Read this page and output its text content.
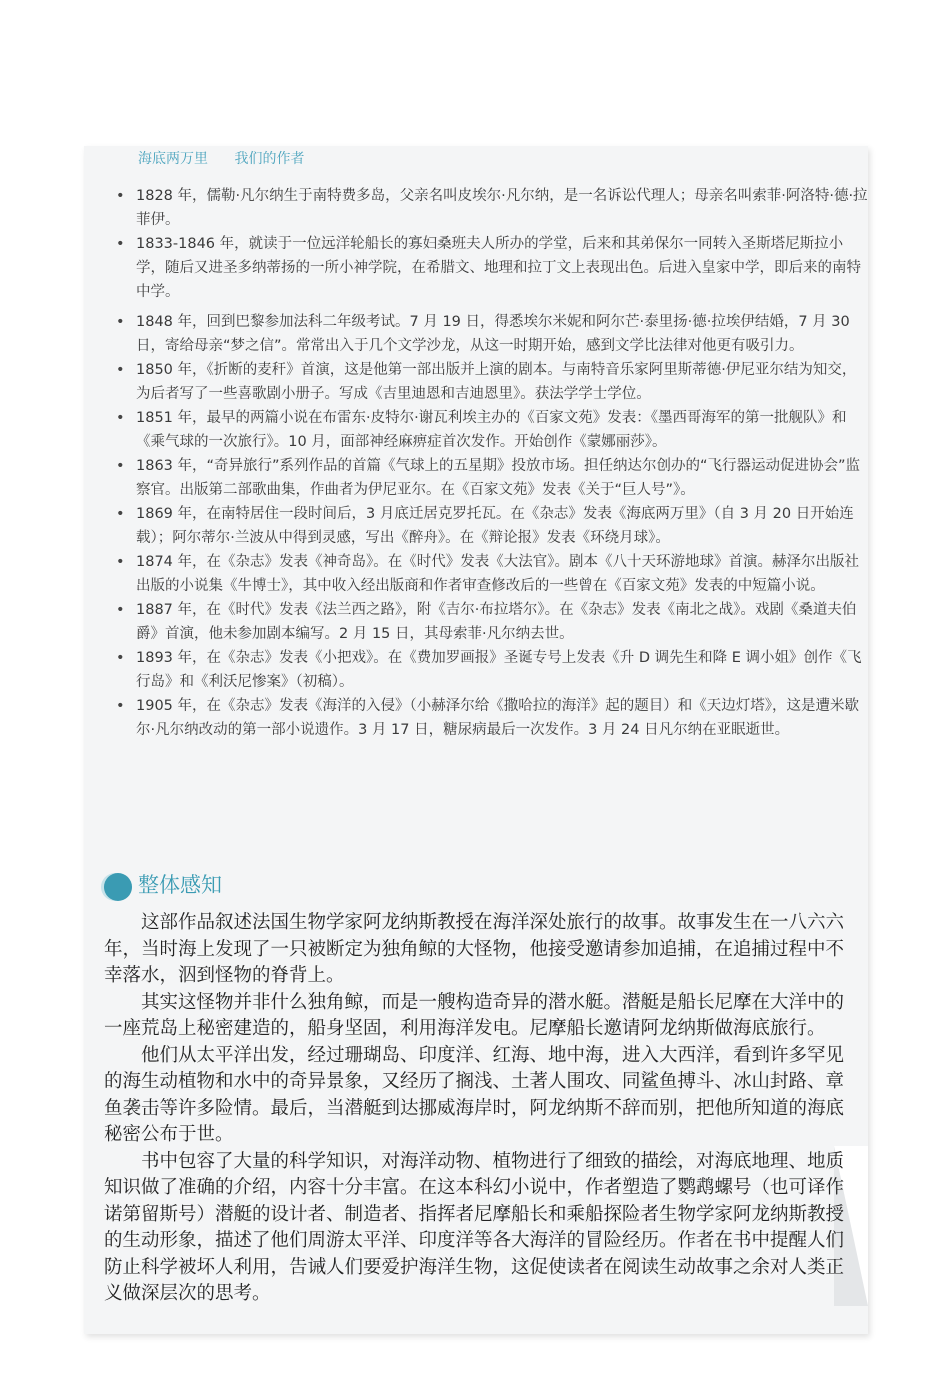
海底两万里 我们的作者
• 1828 年，儒勒·凡尔纳生于南特费多岛，父亲名叫皮埃尔·凡尔纳，是一名诉讼代理人；母亲名叫索菲·阿洛特·德·拉菲伊。
• 1833-1846 年，就读于一位远洋轮船长的寡妇桑班夫人所办的学堂，后来和其弟保尔一同转入圣斯塔尼斯拉小学，随后又进圣多纳蒂扬的一所小神学院，在希腊文、地理和拉丁文上表现出色。后进入皇家中学，即后来的南特中学。
• 1848 年，回到巴黎参加法科二年级考试。7 月 19 日，得悉埃尔米妮和阿尔芒·泰里扬·德·拉埃伊结婚，7 月 30 日，寄给母亲“梦之信”。常常出入于几个文学沙龙，从这一时期开始，感到文学比法律对他更有吸引力。
• 1850 年，《折断的麦秆》首演，这是他第一部出版并上演的剧本。与南特音乐家阿里斯蒂德·伊尼亚尔结为知交，为后者写了一些喜歌剧小册子。写成《吉里迪恩和吉迪恩里》。获法学学士学位。
• 1851 年，最早的两篇小说在布雷东·皮特尔·谢瓦利埃主办的《百家文苑》发表：《墨西哥海军的第一批舰队》和《乘气球的一次旅行》。10 月，面部神经麻痹症首次发作。开始创作《蒙娜丽莎》。
• 1863 年，“奇异旅行”系列作品的首篇《气球上的五星期》投放市场。担任纳达尔创办的“飞行器运动促进协会”监察官。出版第二部歌曲集，作曲者为伊尼亚尔。在《百家文苑》发表《关于“巨人号”》。
• 1869 年，在南特居住一段时间后，3 月底迁居克罗托瓦。在《杂志》发表《海底两万里》（自 3 月 20 日开始连载）；阿尔蒂尔·兰波从中得到灵感，写出《醉舟》。在《辩论报》发表《环绕月球》。
• 1874 年，在《杂志》发表《神奇岛》。在《时代》发表《大法官》。剧本《八十天环游地球》首演。赫泽尔出版社出版的小说集《牛博士》，其中收入经出版商和作者审查修改后的一些曾在《百家文苑》发表的中短篇小说。
• 1887 年，在《时代》发表《法兰西之路》，附《吉尔·布拉塔尔》。在《杂志》发表《南北之战》。戏剧《桑道夫伯爵》首演，他未参加剧本编写。2 月 15 日，其母索菲·凡尔纳去世。
• 1893 年，在《杂志》发表《小把戏》。在《费加罗画报》圣诞专号上发表《升 D 调先生和降 E 调小姐》创作《飞行岛》和《利沃尼惨案》（初稿）。
• 1905 年，在《杂志》发表《海洋的入侵》（小赫泽尔给《撒哈拉的海洋》起的题目）和《天边灯塔》，这是遭米歇尔·凡尔纳改动的第一部小说遗作。3 月 17 日，糖尿病最后一次发作。3 月 24 日凡尔纳在亚眠逝世。
整体感知

这部作品叙述法国生物学家阿龙纳斯教授在海洋深处旅行的故事。故事发生在一八六六年，当时海上发现了一只被断定为独角鲸的大怪物，他接受邀请参加追捕，在追捕过程中不幸落水，泅到怪物的脊背上。

其实这怪物并非什么独角鲸，而是一艘构造奇异的潜水艇。潜艇是船长尼摩在大洋中的一座荒岛上秘密建造的，船身坚固，利用海洋发电。尼摩船长邀请阿龙纳斯做海底旅行。

他们从太平洋出发，经过珊瑚岛、印度洋、红海、地中海，进入大西洋，看到许多罕见的海生动植物和水中的奇异景象，又经历了搁浅、土著人围攻、同鲨鱼搏斗、冰山封路、章鱼袭击等许多险情。最后，当潜艇到达挪威海岸时，阿龙纳斯不辞而别，把他所知道的海底秘密公布于世。

书中包容了大量的科学知识，对海洋动物、植物进行了细致的描绘，对海底地理、地质知识做了准确的介绍，内容十分丰富。在这本科幻小说中，作者塑造了鹦鹉螺号（也可译作诺第留斯号）潜艇的设计者、制造者、指挥者尼摩船长和乘船探险者生物学家阿龙纳斯教授的生动形象，描述了他们周游太平洋、印度洋等各大海洋的冒险经历。作者在书中提醒人们防止科学被坏人利用，告诫人们要爱护海洋生物，这促使读者在阅读生动故事之余对人类正义做深层次的思考。
